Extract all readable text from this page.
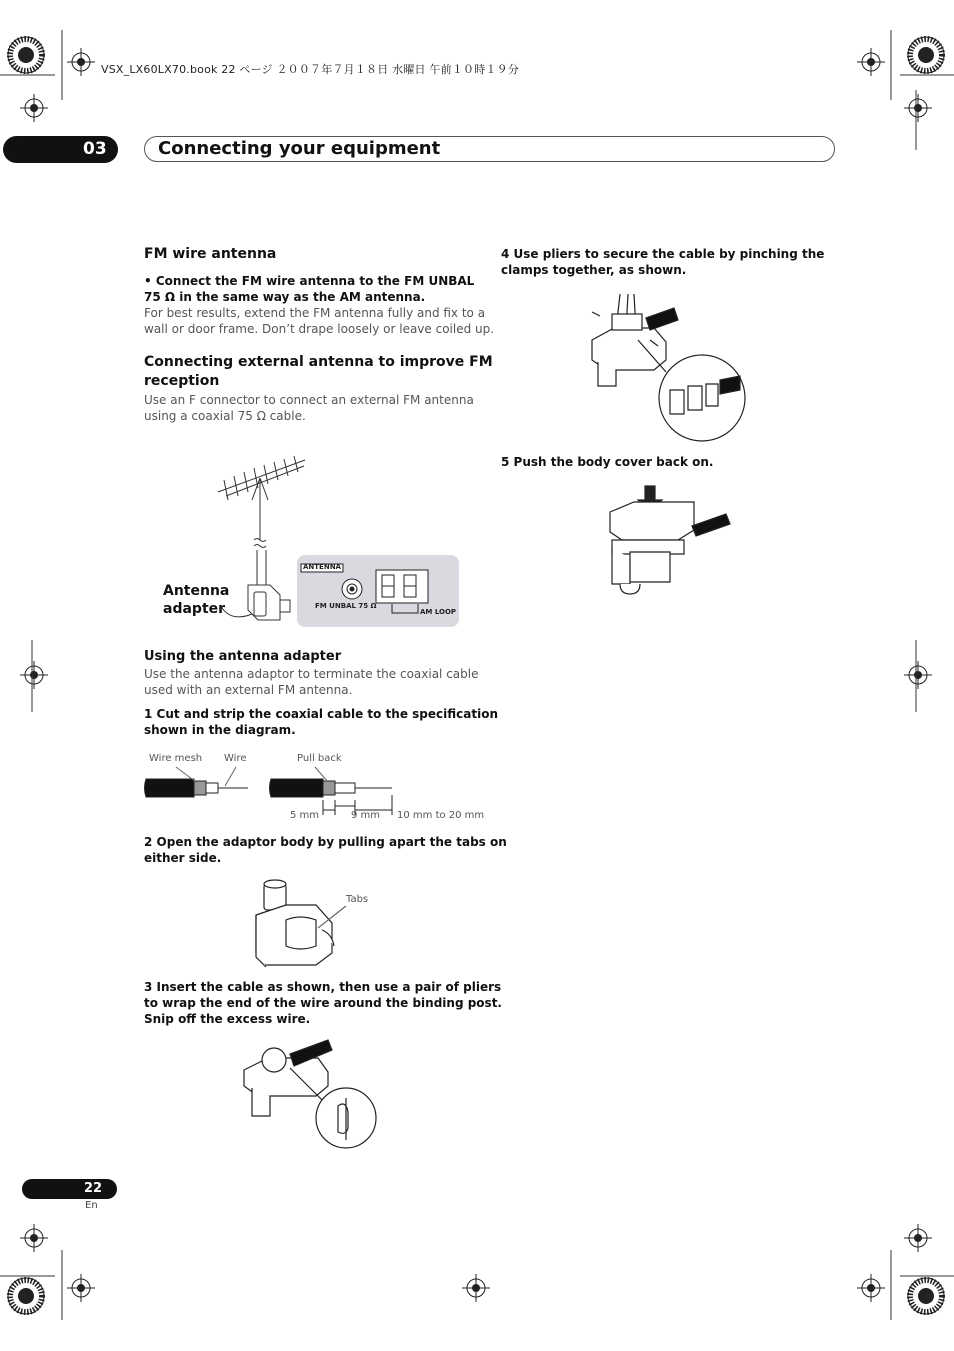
VSX_LX60LX70.book 22 ページ ２００７年７月１８日 水曜日 午前１０時１９分
03	Connecting your equipment
FM wire antenna
• Connect the FM wire antenna to the FM UNBAL
75 Ω in the same way as the AM antenna.
For best results, extend the FM antenna fully and fix to a
wall or door frame. Don’t drape loosely or leave coiled up.
Connecting external antenna to improve FM
reception
Use an F connector to connect an external FM antenna
using a coaxial 75 Ω cable.
ANTENNA
FM UNBAL 75 Ω
AM LOOP
Antenna
adapter
Using the antenna adapter
Use the antenna adaptor to terminate the coaxial cable
used with an external FM antenna.
1 Cut and strip the coaxial cable to the specification
shown in the diagram.
Wire mesh Wire	Pull back
5 mm	9 mm 10 mm to 20 mm
2 Open the adaptor body by pulling apart the tabs on
either side.
Tabs
3 Insert the cable as shown, then use a pair of pliers
to wrap the end of the wire around the binding post.
Snip off the excess wire.
4 Use pliers to secure the cable by pinching the
clamps together, as shown.
5 Push the body cover back on.
22
En
